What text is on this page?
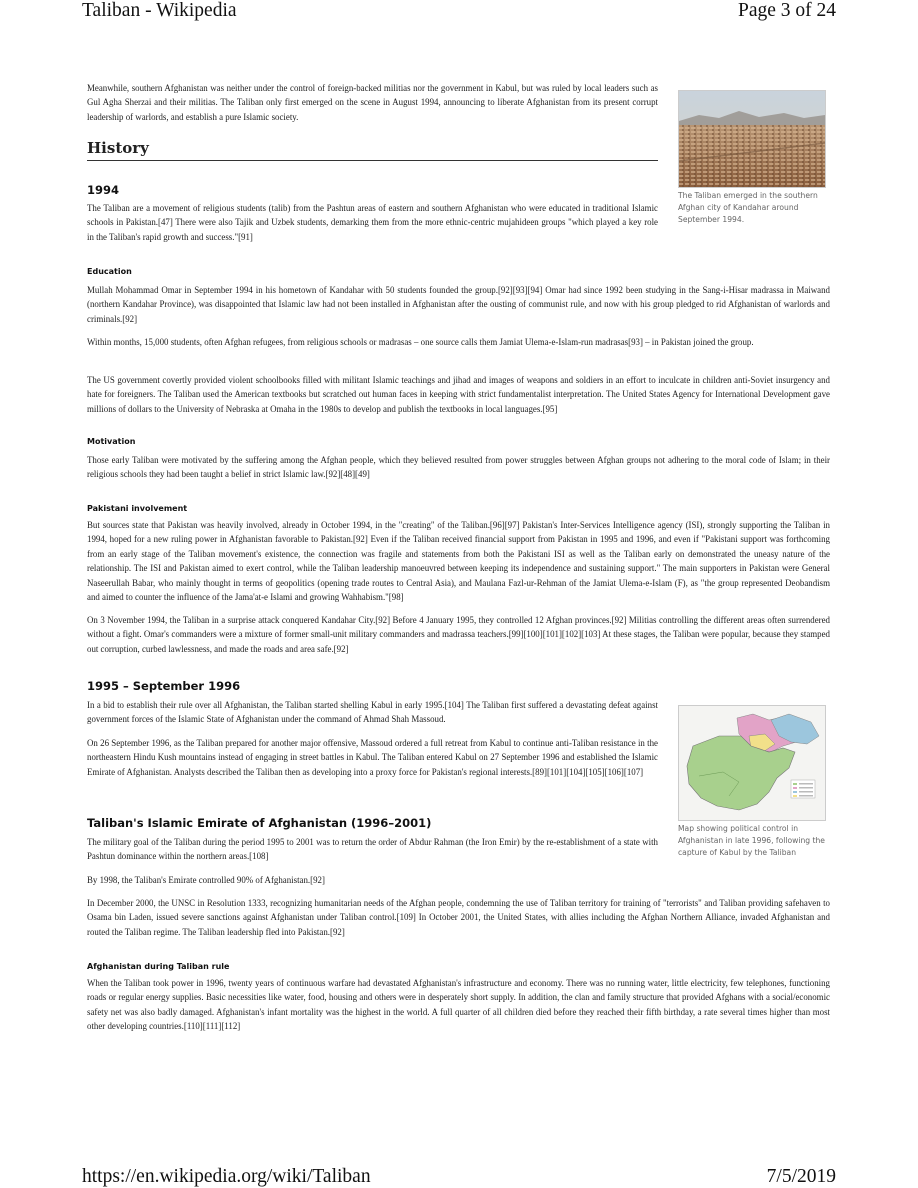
Taliban - Wikipedia	Page 3 of 24
The Taliban emerged in the southern Afghan city of Kandahar around September 1994.
Map showing political control in Afghanistan in late 1996, following the capture of Kabul by the Taliban

Meanwhile, southern Afghanistan was neither under the control of foreign-backed militias nor the government in Kabul, but was ruled by local leaders such as Gul Agha Sherzai and their militias. The Taliban only first emerged on the scene in August 1994, announcing to liberate Afghanistan from its present corrupt leadership of warlords, and establish a pure Islamic society.

History
1994

The Taliban are a movement of religious students (talib) from the Pashtun areas of eastern and southern Afghanistan who were educated in traditional Islamic schools in Pakistan.[47] There were also Tajik and Uzbek students, demarking them from the more ethnic-centric mujahideen groups "which played a key role in the Taliban's rapid growth and success."[91]

Education

Mullah Mohammad Omar in September 1994 in his hometown of Kandahar with 50 students founded the group.[92][93][94] Omar had since 1992 been studying in the Sang-i-Hisar madrassa in Maiwand (northern Kandahar Province), was disappointed that Islamic law had not been installed in Afghanistan after the ousting of communist rule, and now with his group pledged to rid Afghanistan of warlords and criminals.[92]

Within months, 15,000 students, often Afghan refugees, from religious schools or madrasas – one source calls them Jamiat Ulema-e-Islam-run madrasas[93] – in Pakistan joined the group.

The US government covertly provided violent schoolbooks filled with militant Islamic teachings and jihad and images of weapons and soldiers in an effort to inculcate in children anti-Soviet insurgency and hate for foreigners. The Taliban used the American textbooks but scratched out human faces in keeping with strict fundamentalist interpretation. The United States Agency for International Development gave millions of dollars to the University of Nebraska at Omaha in the 1980s to develop and publish the textbooks in local languages.[95]

Motivation

Those early Taliban were motivated by the suffering among the Afghan people, which they believed resulted from power struggles between Afghan groups not adhering to the moral code of Islam; in their religious schools they had been taught a belief in strict Islamic law.[92][48][49]

Pakistani involvement

But sources state that Pakistan was heavily involved, already in October 1994, in the "creating" of the Taliban.[96][97] Pakistan's Inter-Services Intelligence agency (ISI), strongly supporting the Taliban in 1994, hoped for a new ruling power in Afghanistan favorable to Pakistan.[92] Even if the Taliban received financial support from Pakistan in 1995 and 1996, and even if "Pakistani support was forthcoming from an early stage of the Taliban movement's existence, the connection was fragile and statements from both the Pakistani ISI as well as the Taliban early on demonstrated the uneasy nature of the relationship. The ISI and Pakistan aimed to exert control, while the Taliban leadership manoeuvred between keeping its independence and sustaining support." The main supporters in Pakistan were General Naseerullah Babar, who mainly thought in terms of geopolitics (opening trade routes to Central Asia), and Maulana Fazl-ur-Rehman of the Jamiat Ulema-e-Islam (F), as "the group represented Deobandism and aimed to counter the influence of the Jama'at-e Islami and growing Wahhabism."[98]

On 3 November 1994, the Taliban in a surprise attack conquered Kandahar City.[92] Before 4 January 1995, they controlled 12 Afghan provinces.[92] Militias controlling the different areas often surrendered without a fight. Omar's commanders were a mixture of former small-unit military commanders and madrassa teachers.[99][100][101][102][103] At these stages, the Taliban were popular, because they stamped out corruption, curbed lawlessness, and made the roads and area safe.[92]

1995 – September 1996

In a bid to establish their rule over all Afghanistan, the Taliban started shelling Kabul in early 1995.[104] The Taliban first suffered a devastating defeat against government forces of the Islamic State of Afghanistan under the command of Ahmad Shah Massoud.

On 26 September 1996, as the Taliban prepared for another major offensive, Massoud ordered a full retreat from Kabul to continue anti-Taliban resistance in the northeastern Hindu Kush mountains instead of engaging in street battles in Kabul. The Taliban entered Kabul on 27 September 1996 and established the Islamic Emirate of Afghanistan. Analysts described the Taliban then as developing into a proxy force for Pakistan's regional interests.[89][101][104][105][106][107]

Taliban's Islamic Emirate of Afghanistan (1996–2001)

The military goal of the Taliban during the period 1995 to 2001 was to return the order of Abdur Rahman (the Iron Emir) by the re-establishment of a state with Pashtun dominance within the northern areas.[108]

By 1998, the Taliban's Emirate controlled 90% of Afghanistan.[92]

In December 2000, the UNSC in Resolution 1333, recognizing humanitarian needs of the Afghan people, condemning the use of Taliban territory for training of "terrorists" and Taliban providing safehaven to Osama bin Laden, issued severe sanctions against Afghanistan under Taliban control.[109] In October 2001, the United States, with allies including the Afghan Northern Alliance, invaded Afghanistan and routed the Taliban regime. The Taliban leadership fled into Pakistan.[92]

Afghanistan during Taliban rule

When the Taliban took power in 1996, twenty years of continuous warfare had devastated Afghanistan's infrastructure and economy. There was no running water, little electricity, few telephones, functioning roads or regular energy supplies. Basic necessities like water, food, housing and others were in desperately short supply. In addition, the clan and family structure that provided Afghans with a social/economic safety net was also badly damaged. Afghanistan's infant mortality was the highest in the world. A full quarter of all children died before they reached their fifth birthday, a rate several times higher than most other developing countries.[110][111][112]

https://en.wikipedia.org/wiki/Taliban	7/5/2019
